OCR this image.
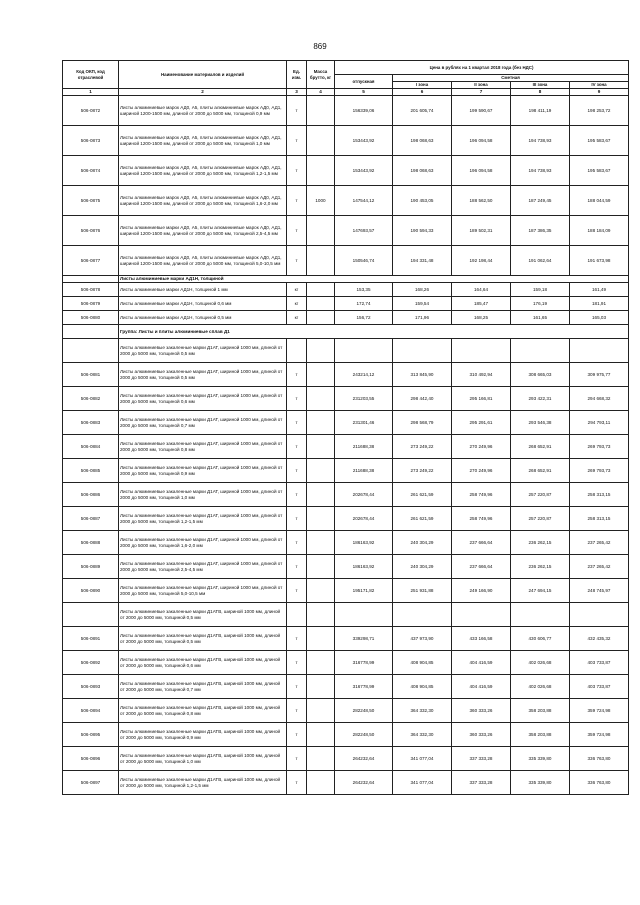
869
Код ОКП, код отраслевой	Наименование материалов и изделий	Ед. изм.	Масса брутто, кг	Цена в рублях на 1 квартал 2018 года (без НДС)				
				отпускная	Сметная			
					I зона	II зона	III зона	IV зона
1	2	3	4	5	6	7	8	9
506-0872	Листы алюминиевые марок АД0, А5, плиты алюминиевые марок АД0, АД1, шириной 1200-1500 мм, длиной от 2000 до 5000 мм, толщиной 0,9 мм	т		156339,06	201 605,74	199 590,67	198 411,19	198 253,72
506-0873	Листы алюминиевые марок АД0, А5, плиты алюминиевые марок АД0, АД1, шириной 1200-1500 мм, длиной от 2000 до 5000 мм, толщиной 1,0 мм	т		153443,92	198 068,63	196 094,58	194 738,93	195 583,67
506-0874	Листы алюминиевые марок АД0, А5, плиты алюминиевые марок АД0, АД1, шириной 1200-1500 мм, длиной от 2000 до 5000 мм, толщиной 1,2-1,5 мм	т		153443,92	198 068,63	196 094,58	194 738,93	195 583,67
506-0875	Листы алюминиевые марок АД0, А5, плиты алюминиевые марок АД0, АД1, шириной 1200-1500 мм, длиной от 2000 до 5000 мм, толщиной 1,6-2,0 мм	т	1000	147544,12	190 453,05	188 562,50	187 249,45	188 044,59
506-0876	Листы алюминиевые марки АД0, А5, плиты алюминиевые марок АД0, АД1, шириной 1200-1500 мм, длиной от 2000 до 5000 мм, толщиной 2,5-4,5 мм	т		147693,57	190 594,33	189 502,31	187 386,35	188 184,09
506-0877	Листы алюминиевые марок АД0, А5, плиты алюминиевые марок АД0, АД1, шириной 1200-1500 мм, длиной от 2000 до 5000 мм, толщиной 5,0-10,5 мм	т		150546,74	194 331,48	192 198,44	191 062,64	191 673,98
	Листы алюминиевые марки АД1Н, толщиной							
506-0878	Листы алюминиевые марки АД1Н, толщиной 1 мм	кг		153,35	168,26	164,64	159,18	161,49
506-0879	Листы алюминиевые марки АД1Н, толщиной 0,6 мм	кг		172,74	159,54	185,47	176,19	181,91
506-0880	Листы алюминиевые марки АД1Н, толщиной 0,5 мм	кг		156,72	171,96	168,25	161,65	165,03
	Группа: Листы и плиты алюминиевые сплав Д1							
	Листы алюминиевые закаленные марки Д1АТ, шириной 1000 мм, длиной от 2000 до 5000 мм, толщиной 0,5 мм							
506-0881	Листы алюминиевые закаленные марки Д1АТ, шириной 1000 мм, длиной от 2000 до 5000 мм, толщиной 0,5 мм	т		243214,12	313 845,90	310 492,94	308 665,03	309 975,77
506-0882	Листы алюминиевые закаленные марки Д1АТ, шириной 1000 мм, длиной от 2000 до 5000 мм, толщиной 0,6 мм	т		231203,55	298 442,40	295 166,81	293 422,31	294 668,32
506-0883	Листы алюминиевые закаленные марки Д1АТ, шириной 1000 мм, длиной от 2000 до 5000 мм, толщиной 0,7 мм	т		231301,46	298 568,79	295 291,61	293 546,38	294 793,11
506-0884	Листы алюминиевые закаленные марки Д1АТ, шириной 1000 мм, длиной от 2000 до 5000 мм, толщиной 0,8 мм	т		211688,38	273 249,22	270 249,96	268 652,91	269 793,73
506-0885	Листы алюминиевые закаленные марки Д1АТ, шириной 1000 мм, длиной от 2000 до 5000 мм, толщиной 0,9 мм	т		211688,38	273 249,22	270 249,96	268 652,91	269 793,73
506-0886	Листы алюминиевые закаленные марки Д1АТ, шириной 1000 мм, длиной от 2000 до 5000 мм, толщиной 1,0 мм	т		202678,44	261 621,59	258 749,96	257 220,87	258 313,15
506-0887	Листы алюминиевые закаленные марки Д1АТ, шириной 1000 мм, длиной от 2000 до 5000 мм, толщиной 1,2-1,5 мм	т		202678,44	261 621,59	258 749,96	257 220,87	258 313,15
506-0888	Листы алюминиевые закаленные марки Д1АТ, шириной 1000 мм, длиной от 2000 до 5000 мм, толщиной 1,6-2,0 мм	т		186163,92	240 304,29	237 666,64	236 262,15	237 265,42
506-0889	Листы алюминиевые закаленные марки Д1АТ, шириной 1000 мм, длиной от 2000 до 5000 мм, толщиной 2,5-4,5 мм	т		186163,92	240 304,29	237 666,64	236 262,15	237 265,42
506-0890	Листы алюминиевые закаленные марки Д1АТ, шириной 1000 мм, длиной от 2000 до 5000 мм, толщиной 5,0-10,5 мм	т		195171,82	251 931,88	249 166,90	247 694,15	248 745,97
	Листы алюминиевые закаленные марки Д1АТВ, шириной 1000 мм, длиной от 2000 до 5000 мм, толщиной 0,5 мм							
506-0891	Листы алюминиевые закаленные марки Д1АТВ, шириной 1000 мм, длиной от 2000 до 5000 мм, толщиной 0,5 мм	т		339298,71	437 973,90	433 166,58	430 606,77	432 435,32
506-0892	Листы алюминиевые закаленные марки Д1АТВ, шириной 1000 мм, длиной от 2000 до 5000 мм, толщиной 0,6 мм	т		316778,99	408 904,85	404 416,59	402 026,68	403 733,87
506-0893	Листы алюминиевые закаленные марки Д1АТВ, шириной 1000 мм, длиной от 2000 до 5000 мм, толщиной 0,7 мм	т		316778,99	408 904,85	404 416,59	402 026,68	403 733,87
506-0894	Листы алюминиевые закаленные марки Д1АТВ, шириной 1000 мм, длиной от 2000 до 5000 мм, толщиной 0,8 мм	т		282248,50	364 332,30	360 333,26	358 203,88	359 724,98
506-0895	Листы алюминиевые закаленные марки Д1АТВ, шириной 1000 мм, длиной от 2000 до 5000 мм, толщиной 0,9 мм	т		282248,50	364 332,30	360 333,26	358 203,88	359 724,98
506-0896	Листы алюминиевые закаленные марки Д1АТВ, шириной 1000 мм, длиной от 2000 до 5000 мм, толщиной 1,0 мм	т		264232,64	341 077,04	337 333,28	335 339,80	336 763,80
506-0897	Листы алюминиевые закаленные марки Д1АТВ, шириной 1000 мм, длиной от 2000 до 5000 мм, толщиной 1,2-1,5 мм	т		264232,64	341 077,04	337 333,28	335 339,80	336 763,80
